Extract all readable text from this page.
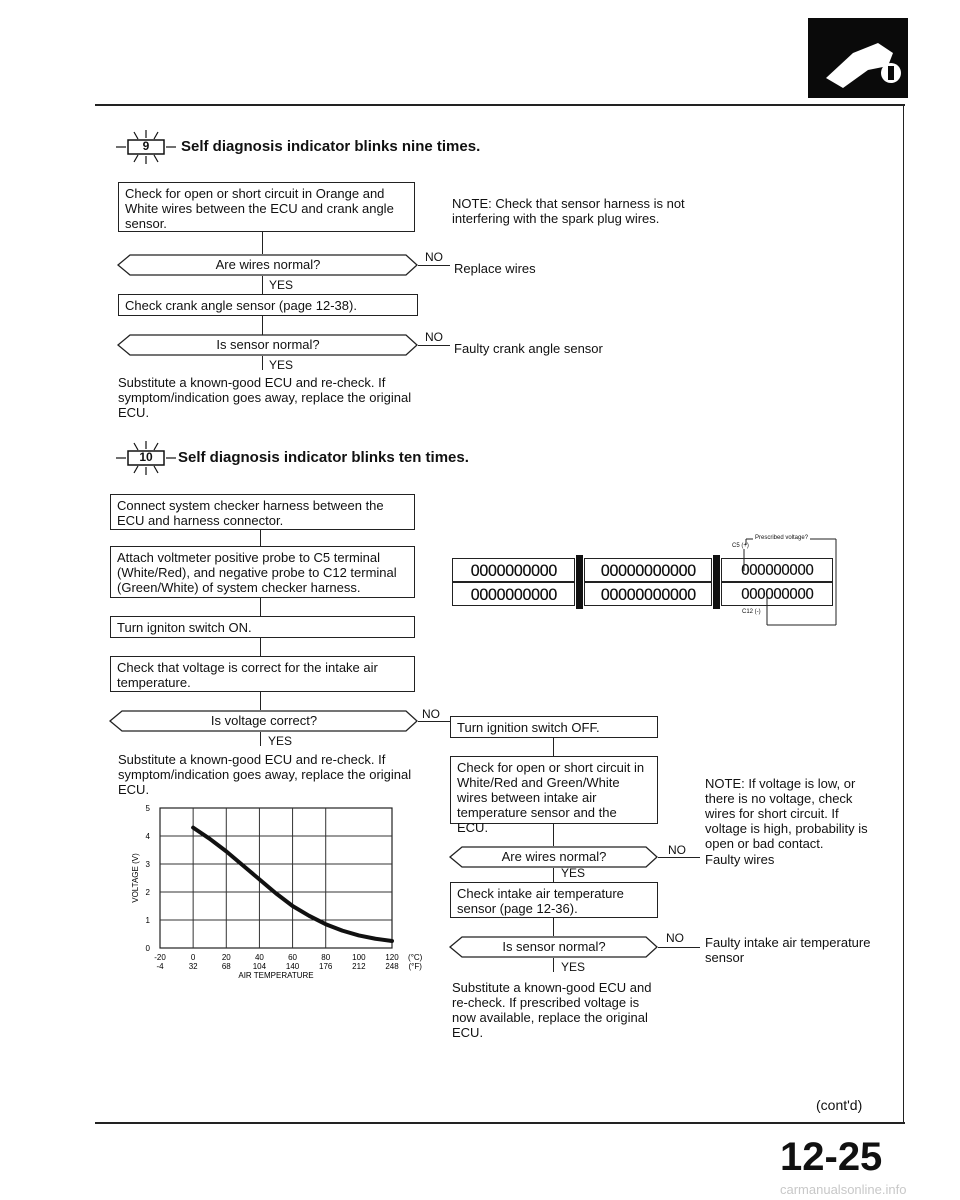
9	Self diagnosis indicator blinks nine times.
Check for open or short circuit in Orange and White wires between the ECU and crank angle sensor.
NOTE: Check that sensor harness is not interfering with the spark plug wires.
Are wires normal?	NO
Replace wires
YES
Check crank angle sensor (page 12-38).
Is sensor normal?	NO
Faulty crank angle sensor
YES
Substitute a known-good ECU and re-check. If symptom/indication goes away, replace the original ECU.
10	Self diagnosis indicator blinks ten times.
Connect system checker harness between the ECU and harness connector.
Attach voltmeter positive probe to C5 terminal (White/Red), and negative probe to C12 terminal (Green/White) of system checker harness.
Turn igniton switch ON.
Check that voltage is correct for the intake air temperature.
Is voltage correct?	NO
Turn ignition switch OFF.
YES
Substitute a known-good ECU and re-check. If symptom/indication goes away, replace the original ECU.
Check for open or short circuit in White/Red and Green/White wires between intake air temperature sensor and the ECU.
NOTE: If voltage is low, or there is no voltage, check wires for short circuit. If voltage is high, probability is open or bad contact.
Are wires normal?	NO
Faulty wires
YES
Check intake air temperature sensor (page 12-36).
Is sensor normal?
NO Faulty intake air temperature sensor
YES
Substitute a known-good ECU and re-check. If prescribed voltage is now available, replace the original ECU.
OOOOOOOOOO
OOOOOOOOOO
OOOOOOOOOOO
OOOOOOOOOOO
OOOOOOOOO
OOOOOOOOO
C5 (+)
Prescribed voltage?
C12 (-)
0
1
2
3
4
5
-20	0	20	40	60	80	100 120 (°C)
-4	32	68	104 140 176 212 248 (°F)
AIR TEMPERATURE
VOLTAGE (V)
(cont'd)
12-25
carmanualsonline.info
